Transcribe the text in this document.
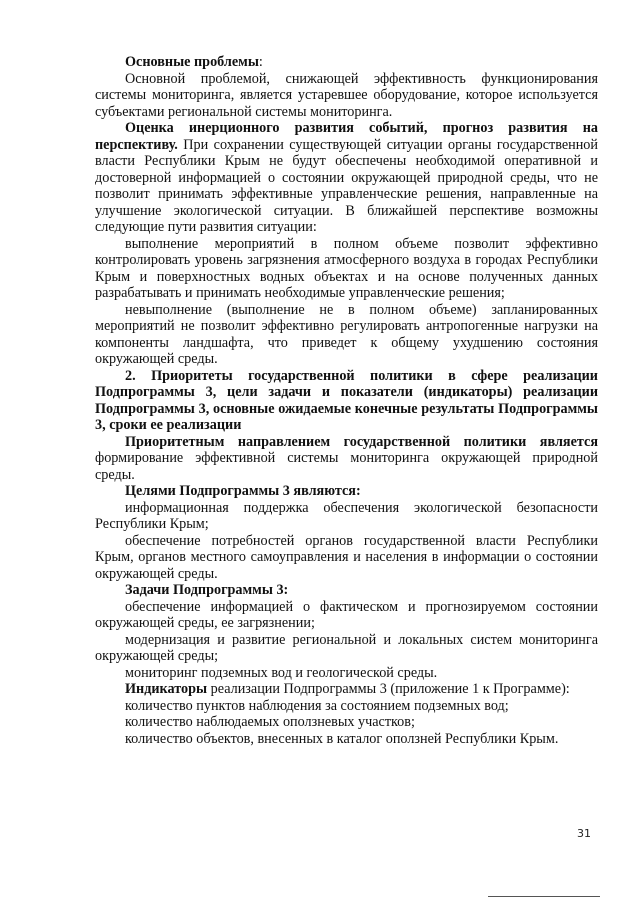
Основные проблемы:

Основной проблемой, снижающей эффективность функционирования системы мониторинга, является устаревшее оборудование, которое используется субъектами региональной системы мониторинга.

Оценка инерционного развития событий, прогноз развития на перспективу. При сохранении существующей ситуации органы государственной власти Республики Крым не будут обеспечены необходимой оперативной и достоверной информацией о состоянии окружающей природной среды, что не позволит принимать эффективные управленческие решения, направленные на улучшение экологической ситуации. В ближайшей перспективе возможны следующие пути развития ситуации:

выполнение мероприятий в полном объеме позволит эффективно контролировать уровень загрязнения атмосферного воздуха в городах Республики Крым и поверхностных водных объектах и на основе полученных данных разрабатывать и принимать необходимые управленческие решения;

невыполнение (выполнение не в полном объеме) запланированных мероприятий не позволит эффективно регулировать антропогенные нагрузки на компоненты ландшафта, что приведет к общему ухудшению состояния окружающей среды.

2. Приоритеты государственной политики в сфере реализации Подпрограммы 3, цели задачи и показатели (индикаторы) реализации Подпрограммы 3, основные ожидаемые конечные результаты Подпрограммы 3, сроки ее реализации

Приоритетным направлением государственной политики является формирование эффективной системы мониторинга окружающей природной среды.

Целями Подпрограммы 3 являются:

информационная поддержка обеспечения экологической безопасности Республики Крым;

обеспечение потребностей органов государственной власти Республики Крым, органов местного самоуправления и населения в информации о состоянии окружающей среды.

Задачи Подпрограммы 3:

обеспечение информацией о фактическом и прогнозируемом состоянии окружающей среды, ее загрязнении;

модернизация и развитие региональной и локальных систем мониторинга окружающей среды;

мониторинг подземных вод и геологической среды.

Индикаторы реализации Подпрограммы 3 (приложение 1 к Программе):

количество пунктов наблюдения за состоянием подземных вод;

количество наблюдаемых оползневых участков;

количество объектов, внесенных в каталог оползней Республики Крым.

31
